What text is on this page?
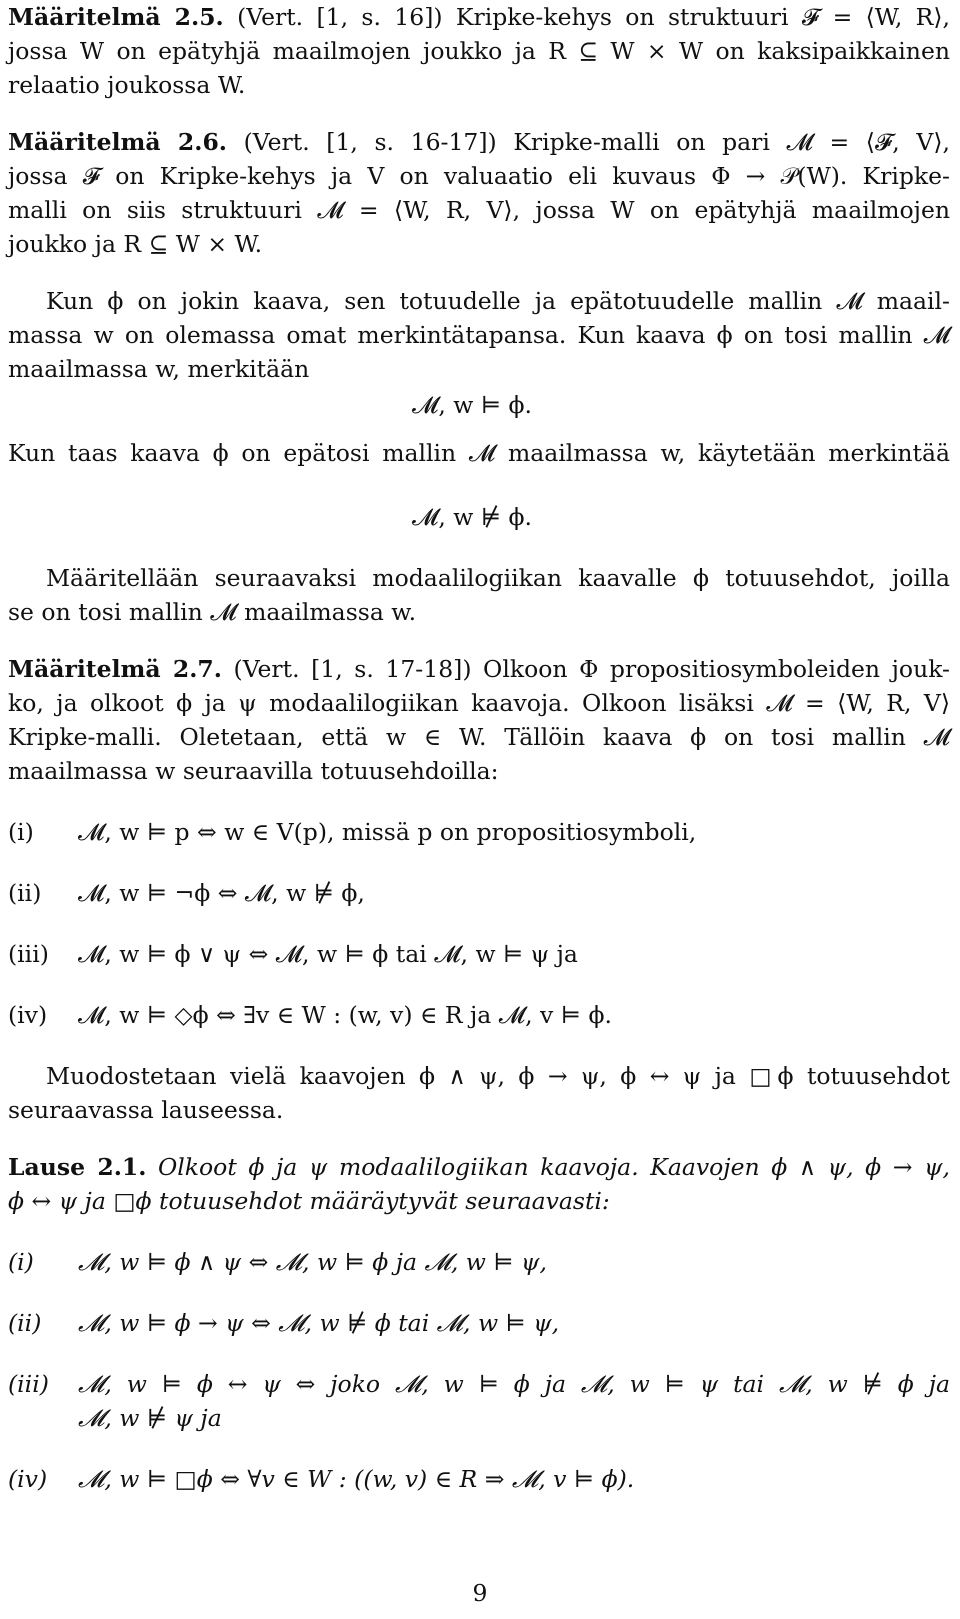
Määritelmä 2.5. (Vert. [1, s. 16]) Kripke-kehys on struktuuri 𝓕 = ⟨W, R⟩,
jossa W on epätyhjä maailmojen joukko ja R ⊆ W × W on kaksipaikkainen
relaatio joukossa W.
Määritelmä 2.6. (Vert. [1, s. 16-17]) Kripke-malli on pari 𝓜 = ⟨𝓕, V⟩,
jossa 𝓕 on Kripke-kehys ja V on valuaatio eli kuvaus Φ → 𝒫(W). Kripke-
malli on siis struktuuri 𝓜 = ⟨W, R, V⟩, jossa W on epätyhjä maailmojen
joukko ja R ⊆ W × W.
Kun ϕ on jokin kaava, sen totuudelle ja epätotuudelle mallin 𝓜 maail-
massa w on olemassa omat merkintätapansa. Kun kaava ϕ on tosi mallin 𝓜
maailmassa w, merkitään
𝓜, w ⊨ ϕ.
Kun taas kaava ϕ on epätosi mallin 𝓜 maailmassa w, käytetään merkintää
𝓜, w ⊭ ϕ.
Määritellään seuraavaksi modaalilogiikan kaavalle ϕ totuusehdot, joilla
se on tosi mallin 𝓜 maailmassa w.
Määritelmä 2.7. (Vert. [1, s. 17-18]) Olkoon Φ propositiosymboleiden jouk-
ko, ja olkoot ϕ ja ψ modaalilogiikan kaavoja. Olkoon lisäksi 𝓜 = ⟨W, R, V⟩
Kripke-malli. Oletetaan, että w ∈ W. Tällöin kaava ϕ on tosi mallin 𝓜
maailmassa w seuraavilla totuusehdoilla:
(i) 𝓜, w ⊨ p ⇔ w ∈ V(p), missä p on propositiosymboli,
(ii) 𝓜, w ⊨ ¬ϕ ⇔ 𝓜, w ⊭ ϕ,
(iii) 𝓜, w ⊨ ϕ ∨ ψ ⇔ 𝓜, w ⊨ ϕ tai 𝓜, w ⊨ ψ ja
(iv) 𝓜, w ⊨ ◇ϕ ⇔ ∃v ∈ W : (w, v) ∈ R ja 𝓜, v ⊨ ϕ.
Muodostetaan vielä kaavojen ϕ ∧ ψ, ϕ → ψ, ϕ ↔ ψ ja □ϕ totuusehdot
seuraavassa lauseessa.
Lause 2.1. Olkoot ϕ ja ψ modaalilogiikan kaavoja. Kaavojen ϕ ∧ ψ, ϕ → ψ,
ϕ ↔ ψ ja □ϕ totuusehdot määräytyvät seuraavasti:
(i) 𝓜, w ⊨ ϕ ∧ ψ ⇔ 𝓜, w ⊨ ϕ ja 𝓜, w ⊨ ψ,
(ii) 𝓜, w ⊨ ϕ → ψ ⇔ 𝓜, w ⊭ ϕ tai 𝓜, w ⊨ ψ,
(iii) 𝓜, w ⊨ ϕ ↔ ψ ⇔ joko 𝓜, w ⊨ ϕ ja 𝓜, w ⊨ ψ tai 𝓜, w ⊭ ϕ ja
𝓜, w ⊭ ψ ja
(iv) 𝓜, w ⊨ □ϕ ⇔ ∀v ∈ W : ((w, v) ∈ R ⇒ 𝓜, v ⊨ ϕ).
9
